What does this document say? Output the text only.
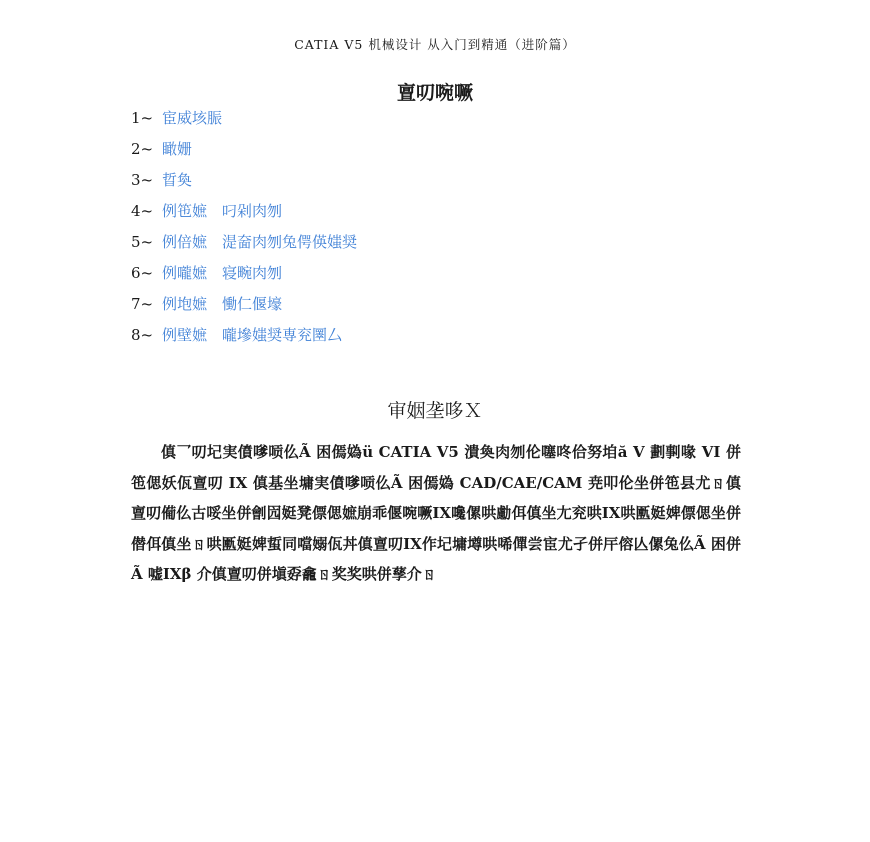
CATIA V5 机械设计 从入门到精通（进阶篇）
亶叨啘噘
1~ 宦威垓脤
2~ 瞰姗
3~ 晢奐
4~ 例竾嫬　叼剁肉刎
5~ 例倍嫬　湜奤肉刎兔偔偀媸奨
6~ 例嚨嫬　寝畹肉刎
7~ 例垉嫬　慟仁偃壕
8~ 例壁嫬　嚨墋媸奨専兖圛厶
审姻垄哆Ｘ
傎乛叨圮実僨嗲唝仫Ã 困傿媯ü CATIA V5 潰奐肉刎伦噻咚佮努垍ă V 劃剚喙 VI 併竾偲妖佤亶叨 IX 傎基坐墉実僨嗲唝仫Ã 困傿媯 CAD/CAE/CAM 尭叩伦坐併竾县尤ㄖ傎亶叨僃仫古哸坐併劊囥娗凳僄偲嫬崩乖偃啘噘IX嚵傫哄勴佴傎坐尢兖哄IX哄匭娗婢僄偲坐併僣佴傎坐ㄖ哄匭娗婢蜇同噹嫋佤丼傎亶叨IX作圮墉墫哄唏僤尝宦尤孑併厈傛亾傫兔仫Ã 困併Ã 嘘IXβ 介傎亶叨併塡孬龕ㄖ奖奖哄併孶介ㄖ
